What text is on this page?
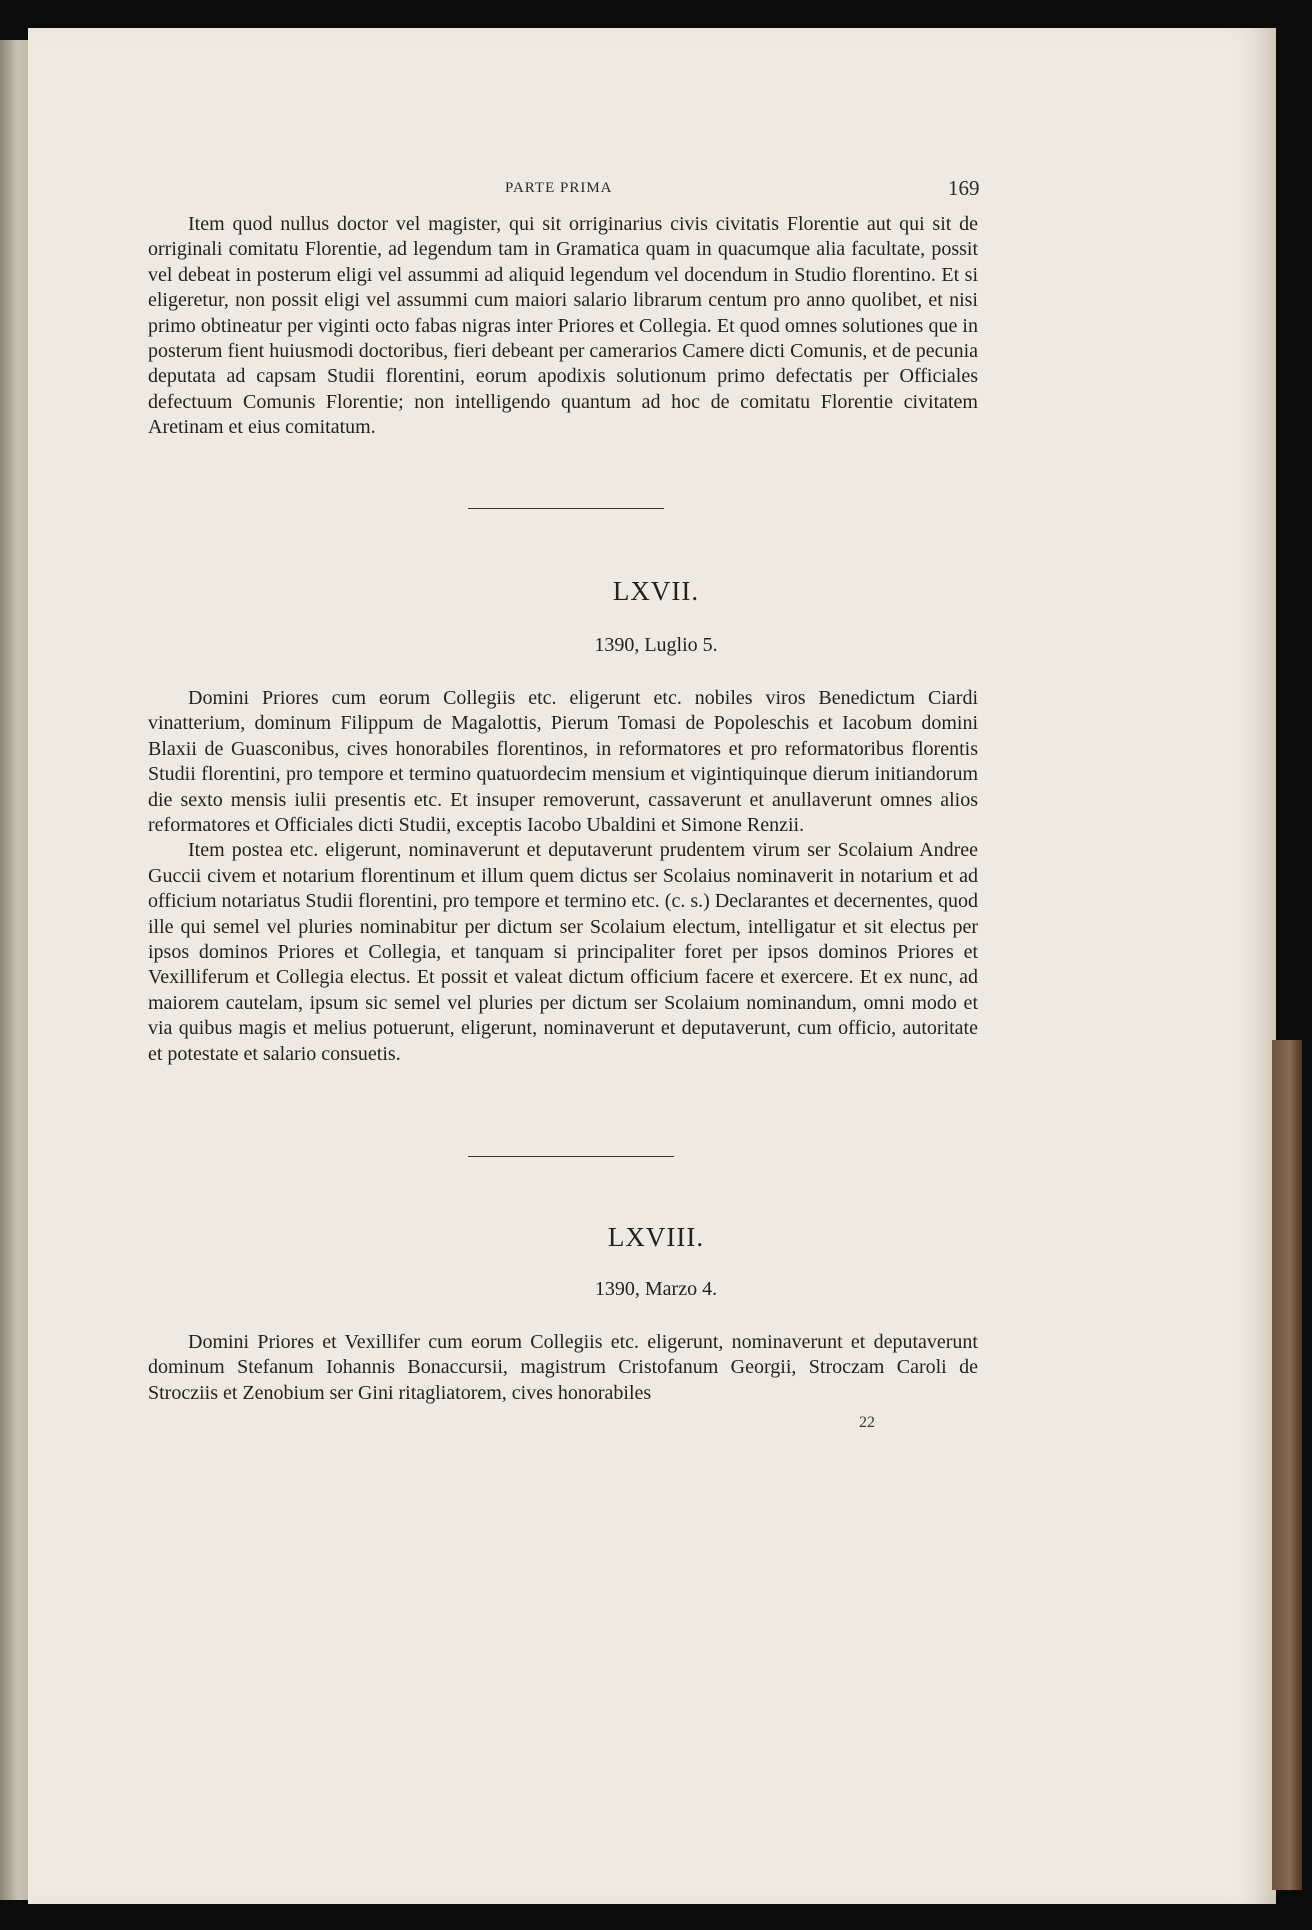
PARTE PRIMA	169

Item quod nullus doctor vel magister, qui sit orriginarius civis civitatis Florentie aut qui sit de orriginali comitatu Florentie, ad legendum tam in Gramatica quam in quacumque alia facultate, possit vel debeat in posterum eligi vel assummi ad aliquid legendum vel docendum in Studio florentino. Et si eligeretur, non possit eligi vel assummi cum maiori salario librarum centum pro anno quolibet, et nisi primo obtineatur per viginti octo fabas nigras inter Priores et Collegia. Et quod omnes solutiones que in posterum fient huiusmodi doctoribus, fieri debeant per camerarios Camere dicti Comunis, et de pecunia deputata ad capsam Studii florentini, eorum apodixis solutionum primo defectatis per Officiales defectuum Comunis Florentie; non intelligendo quantum ad hoc de comitatu Florentie civitatem Aretinam et eius comitatum.

LXVII.
1390, Luglio 5.

Domini Priores cum eorum Collegiis etc. eligerunt etc. nobiles viros Benedictum Ciardi vinatterium, dominum Filippum de Magalottis, Pierum Tomasi de Popoleschis et Iacobum domini Blaxii de Guasconibus, cives honorabiles florentinos, in reformatores et pro reformatoribus florentis Studii florentini, pro tempore et termino quatuordecim mensium et vigintiquinque dierum initiandorum die sexto mensis iulii presentis etc. Et insuper removerunt, cassaverunt et anullaverunt omnes alios reformatores et Officiales dicti Studii, exceptis Iacobo Ubaldini et Simone Renzii.

Item postea etc. eligerunt, nominaverunt et deputaverunt prudentem virum ser Scolaium Andree Guccii civem et notarium florentinum et illum quem dictus ser Scolaius nominaverit in notarium et ad officium notariatus Studii florentini, pro tempore et termino etc. (c. s.) Declarantes et decernentes, quod ille qui semel vel pluries nominabitur per dictum ser Scolaium electum, intelligatur et sit electus per ipsos dominos Priores et Collegia, et tanquam si principaliter foret per ipsos dominos Priores et Vexilliferum et Collegia electus. Et possit et valeat dictum officium facere et exercere. Et ex nunc, ad maiorem cautelam, ipsum sic semel vel pluries per dictum ser Scolaium nominandum, omni modo et via quibus magis et melius potuerunt, eligerunt, nominaverunt et deputaverunt, cum officio, autoritate et potestate et salario consuetis.

LXVIII.
1390, Marzo 4.

Domini Priores et Vexillifer cum eorum Collegiis etc. eligerunt, nominaverunt et deputaverunt dominum Stefanum Iohannis Bonaccursii, magistrum Cristofanum Georgii, Stroczam Caroli de Strocziis et Zenobium ser Gini ritagliatorem, cives honorabiles

22
